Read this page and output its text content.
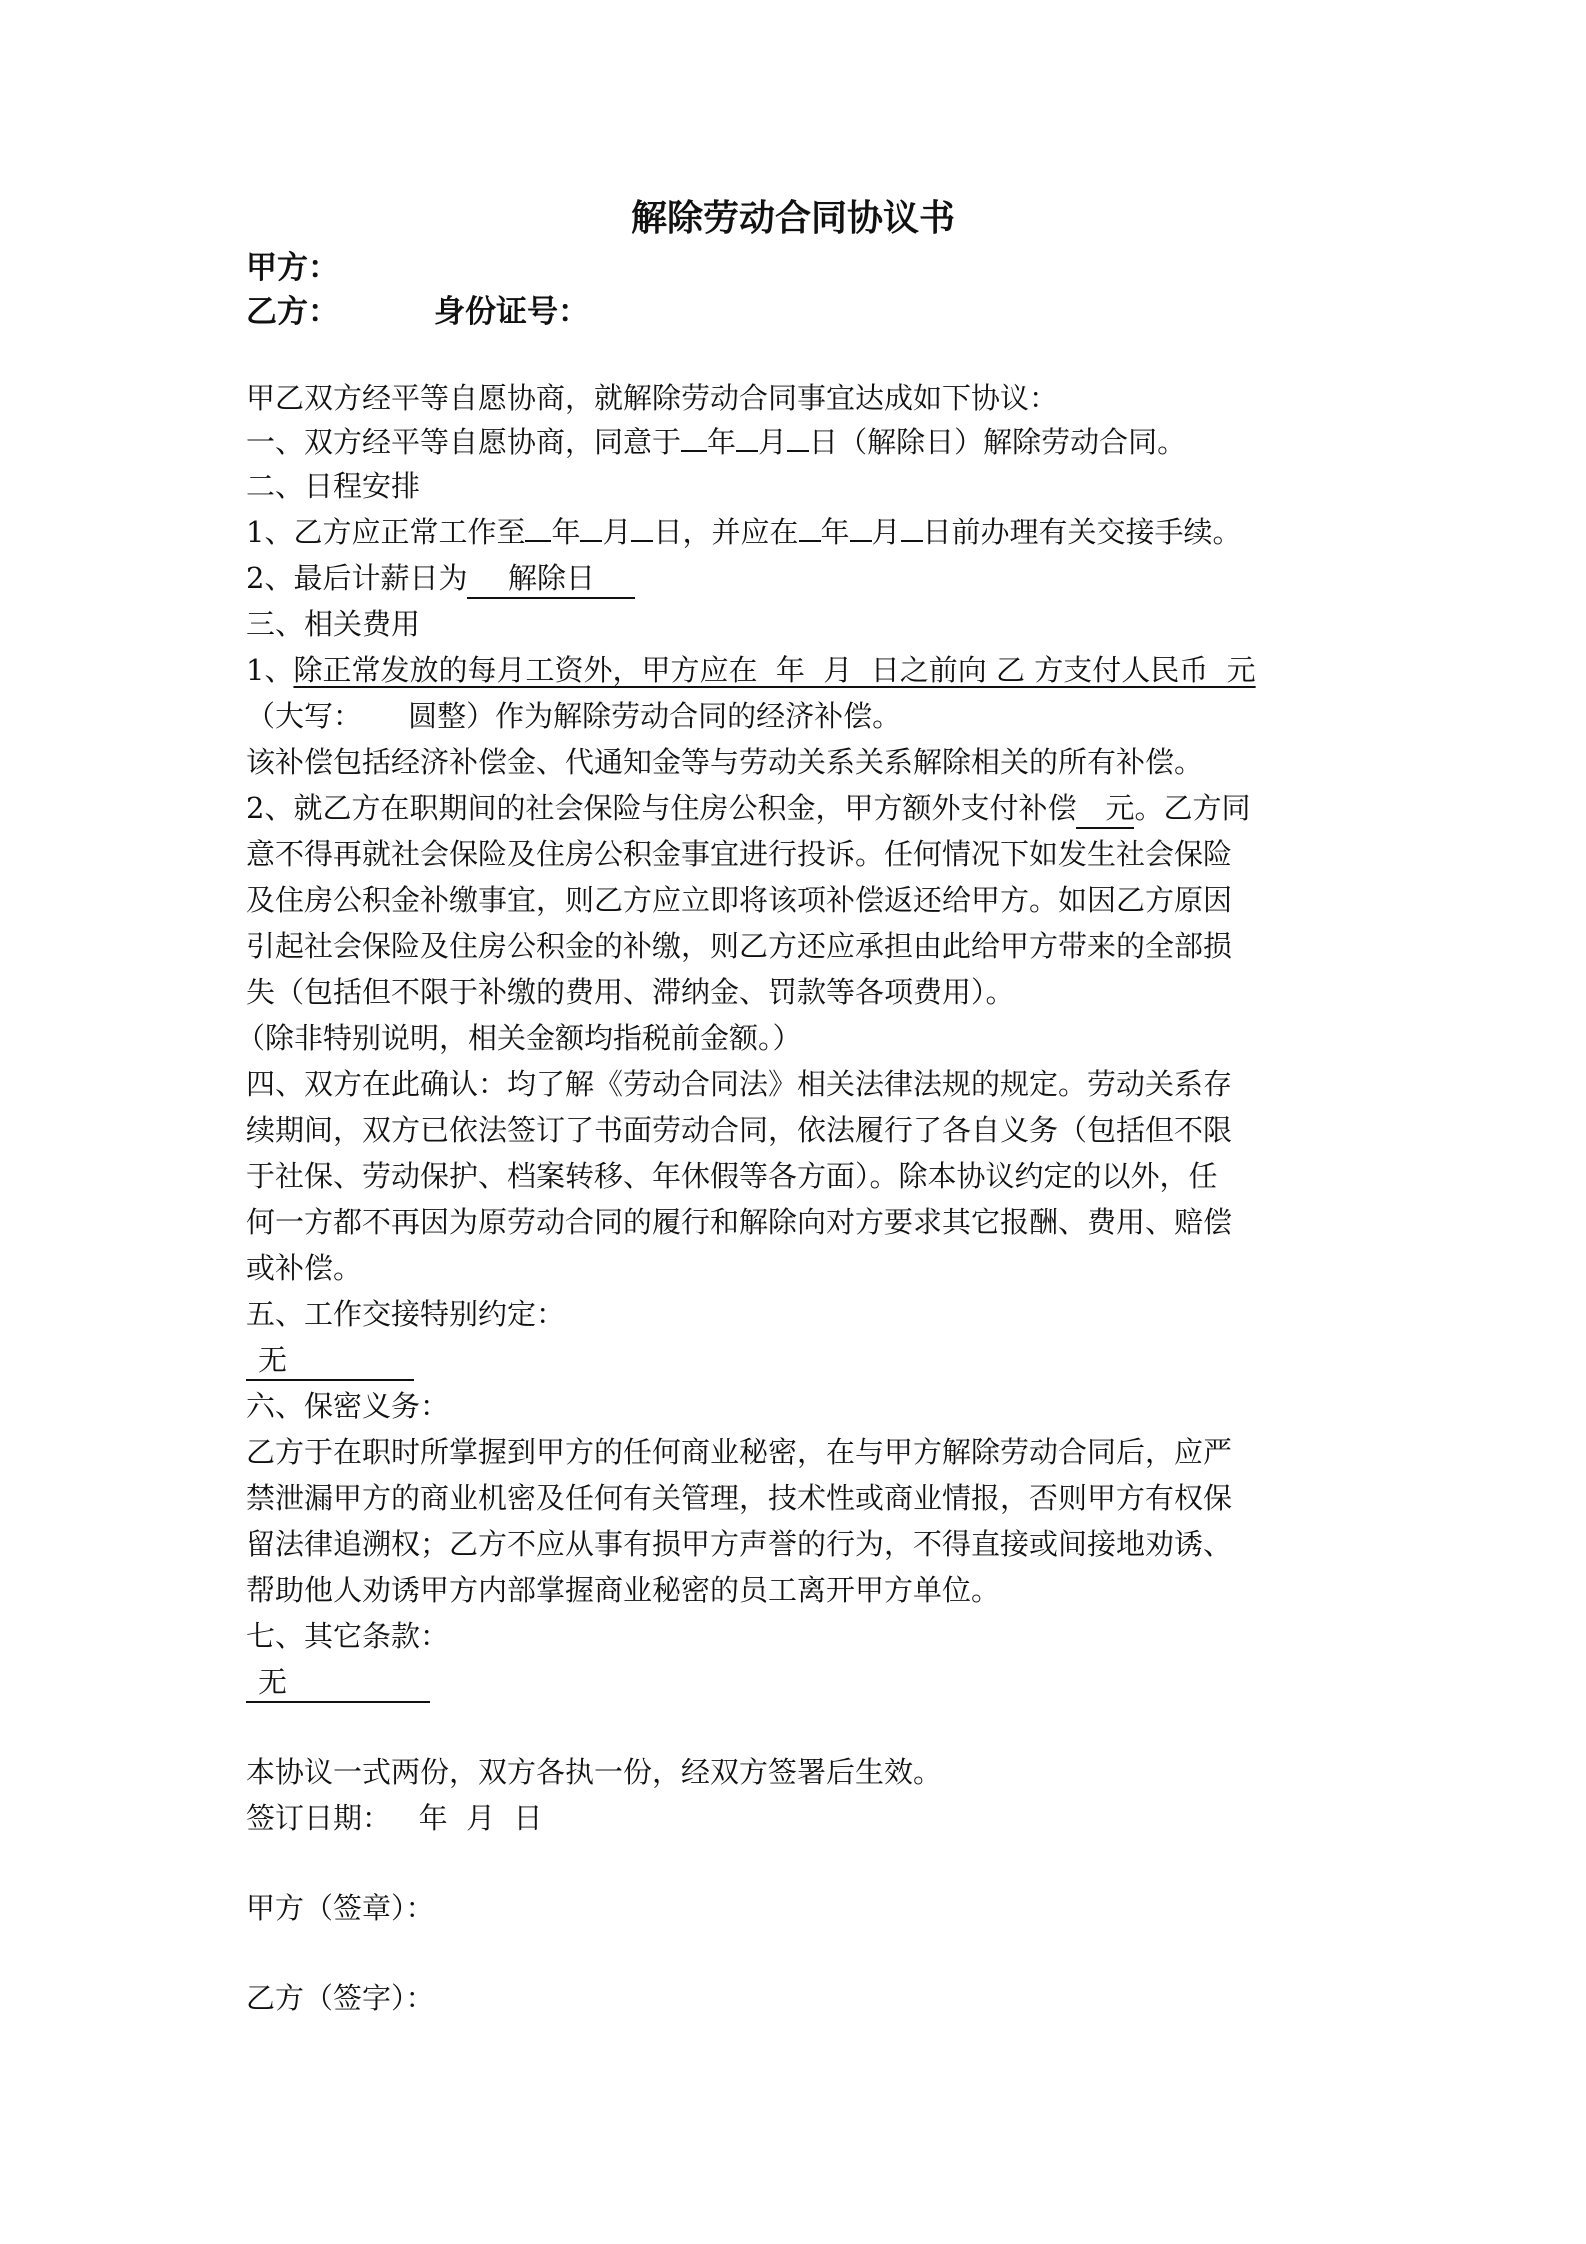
解除劳动合同协议书
甲方：
乙方：	身份证号：
甲乙双方经平等自愿协商，就解除劳动合同事宜达成如下协议：
一、双方经平等自愿协商，同意于 年 月 日（解除日）解除劳动合同。
二、日程安排
1、乙方应正常工作至 年 月 日，并应在 年 月 日前办理有关交接手续。
2、最后计薪日为 解除日
三、相关费用
1、除正常发放的每月工资外，甲方应在  年  月  日之前向 乙 方支付人民币  元
（大写：     圆整）作为解除劳动合同的经济补偿。
该补偿包括经济补偿金、代通知金等与劳动关系关系解除相关的所有补偿。
2、就乙方在职期间的社会保险与住房公积金，甲方额外支付补偿 元。乙方同
意不得再就社会保险及住房公积金事宜进行投诉。任何情况下如发生社会保险
及住房公积金补缴事宜，则乙方应立即将该项补偿返还给甲方。如因乙方原因
引起社会保险及住房公积金的补缴，则乙方还应承担由此给甲方带来的全部损
失（包括但不限于补缴的费用、滞纳金、罚款等各项费用）。
（除非特别说明，相关金额均指税前金额。）
四、双方在此确认：均了解《劳动合同法》相关法律法规的规定。劳动关系存
续期间，双方已依法签订了书面劳动合同，依法履行了各自义务（包括但不限
于社保、劳动保护、档案转移、年休假等各方面）。除本协议约定的以外，任
何一方都不再因为原劳动合同的履行和解除向对方要求其它报酬、费用、赔偿
或补偿。
五、工作交接特别约定：
无
六、保密义务：
乙方于在职时所掌握到甲方的任何商业秘密，在与甲方解除劳动合同后，应严
禁泄漏甲方的商业机密及任何有关管理，技术性或商业情报，否则甲方有权保
留法律追溯权；乙方不应从事有损甲方声誉的行为，不得直接或间接地劝诱、
帮助他人劝诱甲方内部掌握商业秘密的员工离开甲方单位。
七、其它条款：
无
本协议一式两份，双方各执一份，经双方签署后生效。
签订日期：   年  月  日
甲方（签章）：
乙方（签字）：
